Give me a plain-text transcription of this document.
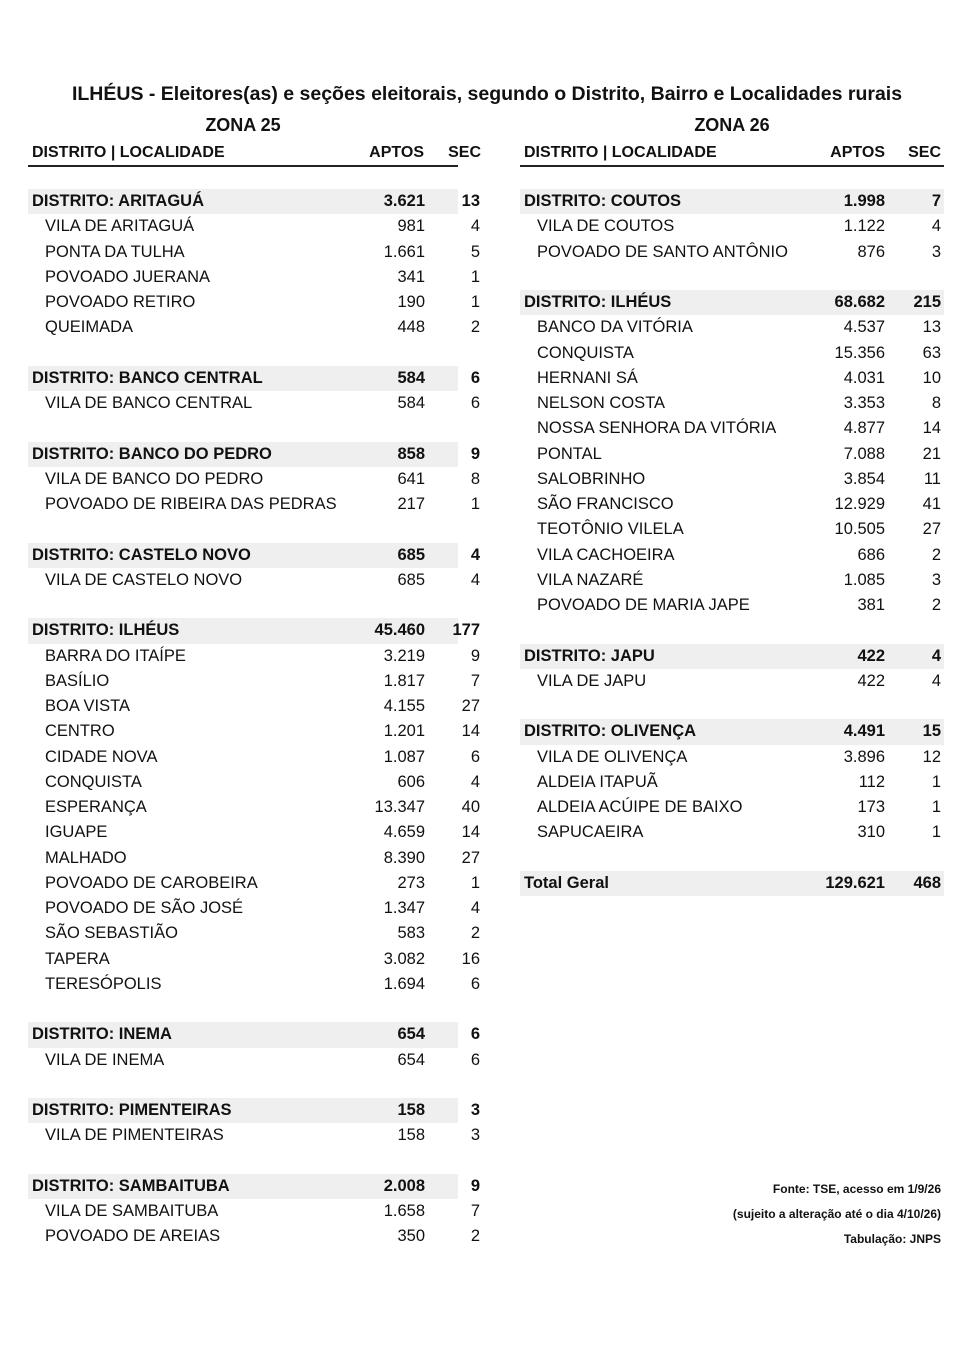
ILHÉUS - Eleitores(as) e seções eleitorais, segundo o Distrito, Bairro e Localidades rurais
ZONA 25
DISTRITO | LOCALIDADE	APTOS	SEC
DISTRITO: ARITAGUÁ	3.621	13
VILA DE ARITAGUÁ	981	4
PONTA DA TULHA	1.661	5
POVOADO JUERANA	341	1
POVOADO RETIRO	190	1
QUEIMADA	448	2
DISTRITO: BANCO CENTRAL	584	6
VILA DE BANCO CENTRAL	584	6
DISTRITO: BANCO DO PEDRO	858	9
VILA DE BANCO DO PEDRO	641	8
POVOADO DE RIBEIRA DAS PEDRAS	217	1
DISTRITO: CASTELO NOVO	685	4
VILA DE CASTELO NOVO	685	4
DISTRITO: ILHÉUS	45.460	177
BARRA DO ITAÍPE	3.219	9
BASÍLIO	1.817	7
BOA VISTA	4.155	27
CENTRO	1.201	14
CIDADE NOVA	1.087	6
CONQUISTA	606	4
ESPERANÇA	13.347	40
IGUAPE	4.659	14
MALHADO	8.390	27
POVOADO DE CAROBEIRA	273	1
POVOADO DE SÃO JOSÉ	1.347	4
SÃO SEBASTIÃO	583	2
TAPERA	3.082	16
TERESÓPOLIS	1.694	6
DISTRITO: INEMA	654	6
VILA DE INEMA	654	6
DISTRITO: PIMENTEIRAS	158	3
VILA DE PIMENTEIRAS	158	3
DISTRITO: SAMBAITUBA	2.008	9
VILA DE SAMBAITUBA	1.658	7
POVOADO DE AREIAS	350	2
ZONA 26
DISTRITO | LOCALIDADE	APTOS	SEC
DISTRITO: COUTOS	1.998	7
VILA DE COUTOS	1.122	4
POVOADO DE SANTO ANTÔNIO	876	3
DISTRITO: ILHÉUS	68.682	215
BANCO DA VITÓRIA	4.537	13
CONQUISTA	15.356	63
HERNANI SÁ	4.031	10
NELSON COSTA	3.353	8
NOSSA SENHORA DA VITÓRIA	4.877	14
PONTAL	7.088	21
SALOBRINHO	3.854	11
SÃO FRANCISCO	12.929	41
TEOTÔNIO VILELA	10.505	27
VILA CACHOEIRA	686	2
VILA NAZARÉ	1.085	3
POVOADO DE MARIA JAPE	381	2
DISTRITO: JAPU	422	4
VILA DE JAPU	422	4
DISTRITO: OLIVENÇA	4.491	15
VILA DE OLIVENÇA	3.896	12
ALDEIA ITAPUÃ	112	1
ALDEIA ACÚIPE DE BAIXO	173	1
SAPUCAEIRA	310	1
Total Geral	129.621	468
Fonte: TSE, acesso em 1/9/26
(sujeito a alteração até o dia 4/10/26)
Tabulação: JNPS
